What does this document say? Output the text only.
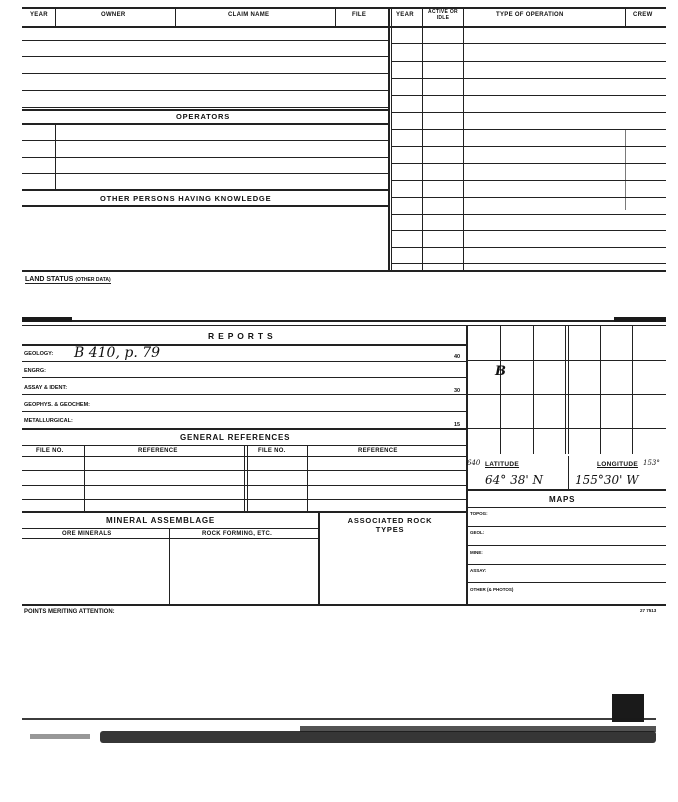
YEAR	OWNER	CLAIM NAME	FILE	YEAR	ACTIVE OR IDLE	TYPE OF OPERATION	CREW
OPERATORS
OTHER PERSONS HAVING KNOWLEDGE
LAND STATUS (OTHER DATA)
R E P O R T S
GEOLOGY: B 410, p. 79	40
ENGRG:
ASSAY & IDENT:	30
GEOPHYS. & GEOCHEM:
METALLURGICAL:
15
GENERAL REFERENCES
FILE NO.	REFERENCE	FILE NO.	REFERENCE
B
640 LATITUDE	LONGITUDE 153°
64° 38' N	155°30' W
MAPS
TOPOG:
GEOL:
MINE:
ASSAY:
OTHER (& PHOTOS)
MINERAL ASSEMBLAGE
ORE MINERALS	ROCK FORMING, ETC.
ASSOCIATED ROCK TYPES
POINTS MERITING ATTENTION:	27 7513
